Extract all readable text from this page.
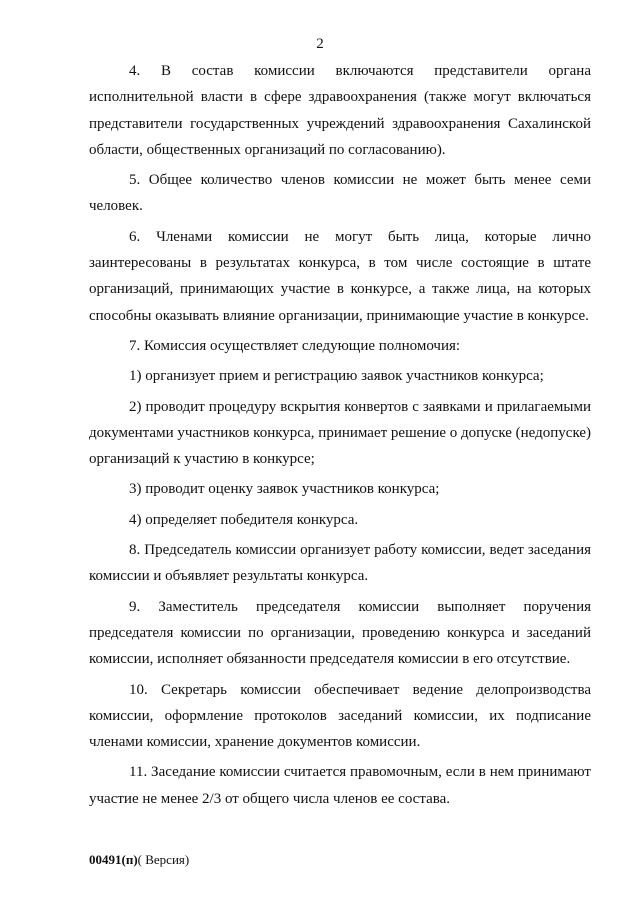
2

4. В состав комиссии включаются представители органа исполнительной власти в сфере здравоохранения (также могут включаться представители государственных учреждений здравоохранения Сахалинской области, общественных организаций по согласованию).

5. Общее количество членов комиссии не может быть менее семи человек.

6. Членами комиссии не могут быть лица, которые лично заинтересованы в результатах конкурса, в том числе состоящие в штате организаций, принимающих участие в конкурсе, а также лица, на которых способны оказывать влияние организации, принимающие участие в конкурсе.

7. Комиссия осуществляет следующие полномочия:

1) организует прием и регистрацию заявок участников конкурса;

2) проводит процедуру вскрытия конвертов с заявками и прилагаемыми документами участников конкурса, принимает решение о допуске (недопуске) организаций к участию в конкурсе;

3) проводит оценку заявок участников конкурса;

4) определяет победителя конкурса.

8. Председатель комиссии организует работу комиссии, ведет заседания комиссии и объявляет результаты конкурса.

9. Заместитель председателя комиссии выполняет поручения председателя комиссии по организации, проведению конкурса и заседаний комиссии, исполняет обязанности председателя комиссии в его отсутствие.

10. Секретарь комиссии обеспечивает ведение делопроизводства комиссии, оформление протоколов заседаний комиссии, их подписание членами комиссии, хранение документов комиссии.

11. Заседание комиссии считается правомочным, если в нем принимают участие не менее 2/3 от общего числа членов ее состава.

00491(п)( Версия)
